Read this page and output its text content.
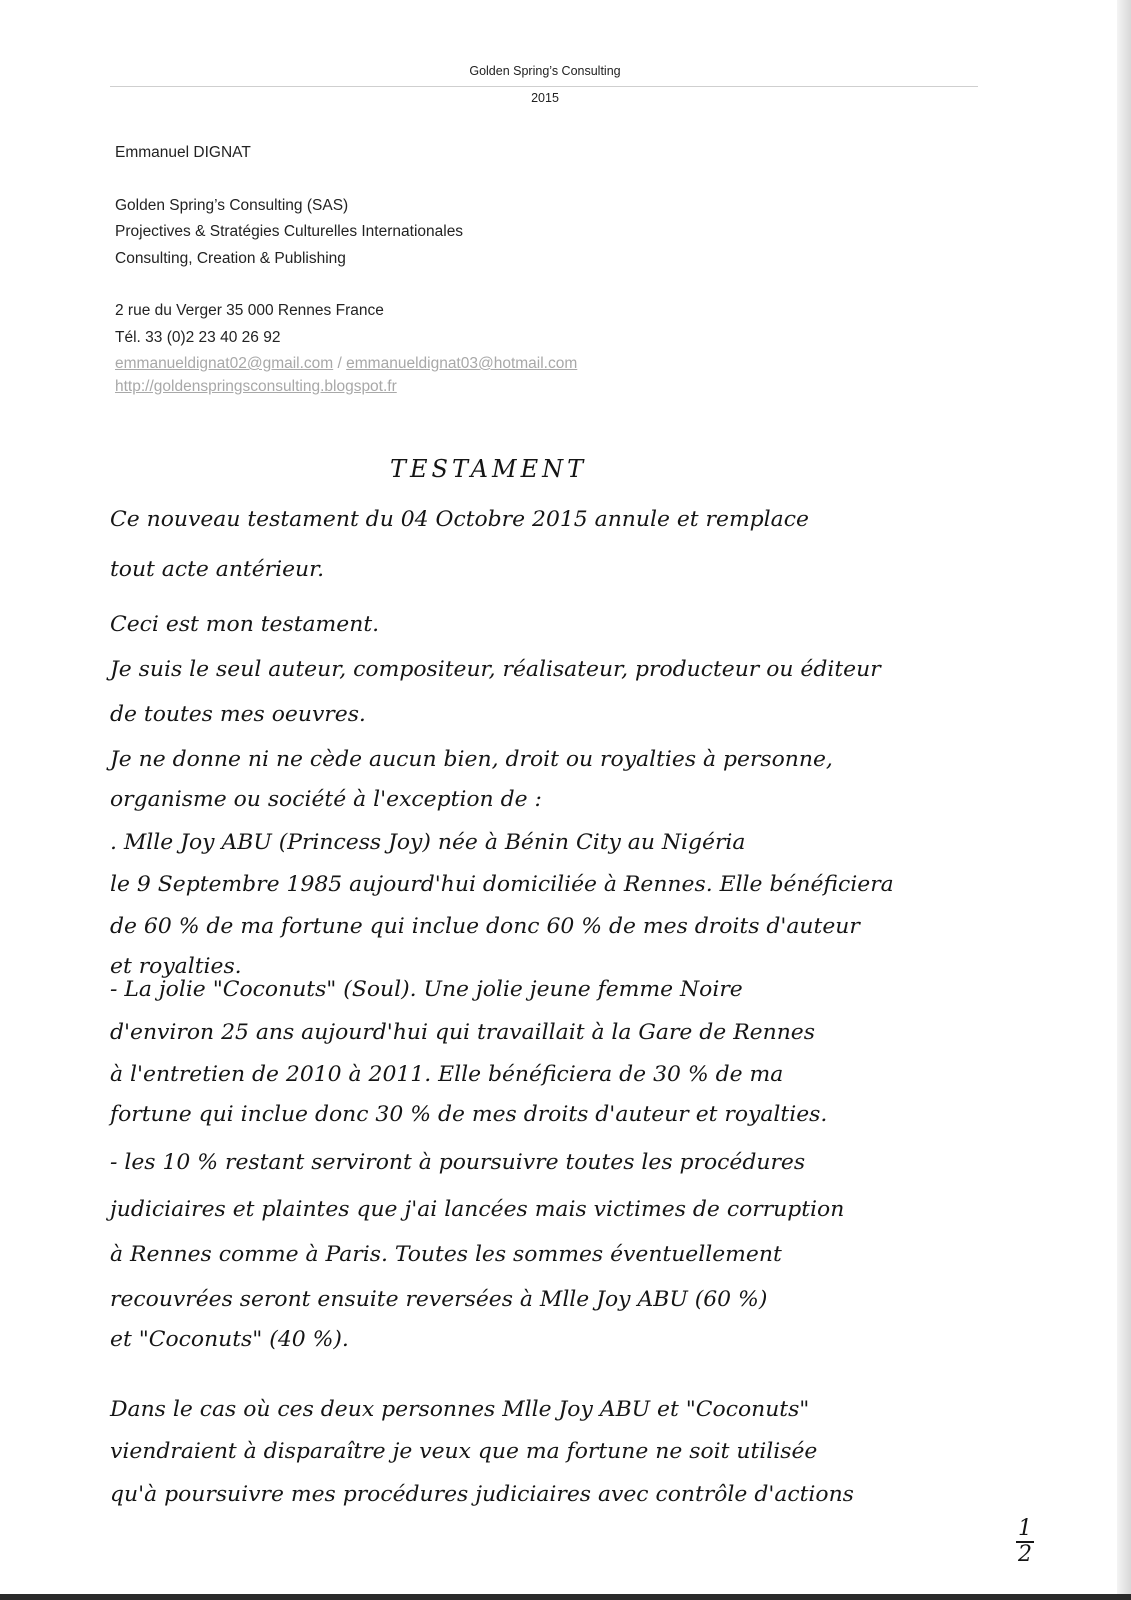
Golden Spring’s Consulting
2015
Emmanuel DIGNAT
Golden Spring’s Consulting (SAS)
Projectives & Stratégies Culturelles Internationales
Consulting, Creation & Publishing
2 rue du Verger 35 000 Rennes France
Tél. 33 (0)2 23 40 26 92
emmanueldignat02@gmail.com / emmanueldignat03@hotmail.com
http://goldenspringsconsulting.blogspot.fr
TESTAMENT
Ce nouveau testament du 04 Octobre 2015 annule et remplace
tout acte antérieur.
Ceci est mon testament.
Je suis le seul auteur, compositeur, réalisateur, producteur ou éditeur
de toutes mes oeuvres.
Je ne donne ni ne cède aucun bien, droit ou royalties à personne,
organisme ou société à l'exception de :
. Mlle Joy ABU (Princess Joy) née à Bénin City au Nigéria
le 9 Septembre 1985 aujourd'hui domiciliée à Rennes. Elle bénéficiera
de 60 % de ma fortune qui inclue donc 60 % de mes droits d'auteur
et royalties.
- La jolie "Coconuts" (Soul). Une jolie jeune femme Noire
d'environ 25 ans aujourd'hui qui travaillait à la Gare de Rennes
à l'entretien de 2010 à 2011. Elle bénéficiera de 30 % de ma
fortune qui inclue donc 30 % de mes droits d'auteur et royalties.
- les 10 % restant serviront à poursuivre toutes les procédures
judiciaires et plaintes que j'ai lancées mais victimes de corruption
à Rennes comme à Paris. Toutes les sommes éventuellement
recouvrées seront ensuite reversées à Mlle Joy ABU (60 %)
et "Coconuts" (40 %).
Dans le cas où ces deux personnes Mlle Joy ABU et "Coconuts"
viendraient à disparaître je veux que ma fortune ne soit utilisée
qu'à poursuivre mes procédures judiciaires avec contrôle d'actions
1
2
